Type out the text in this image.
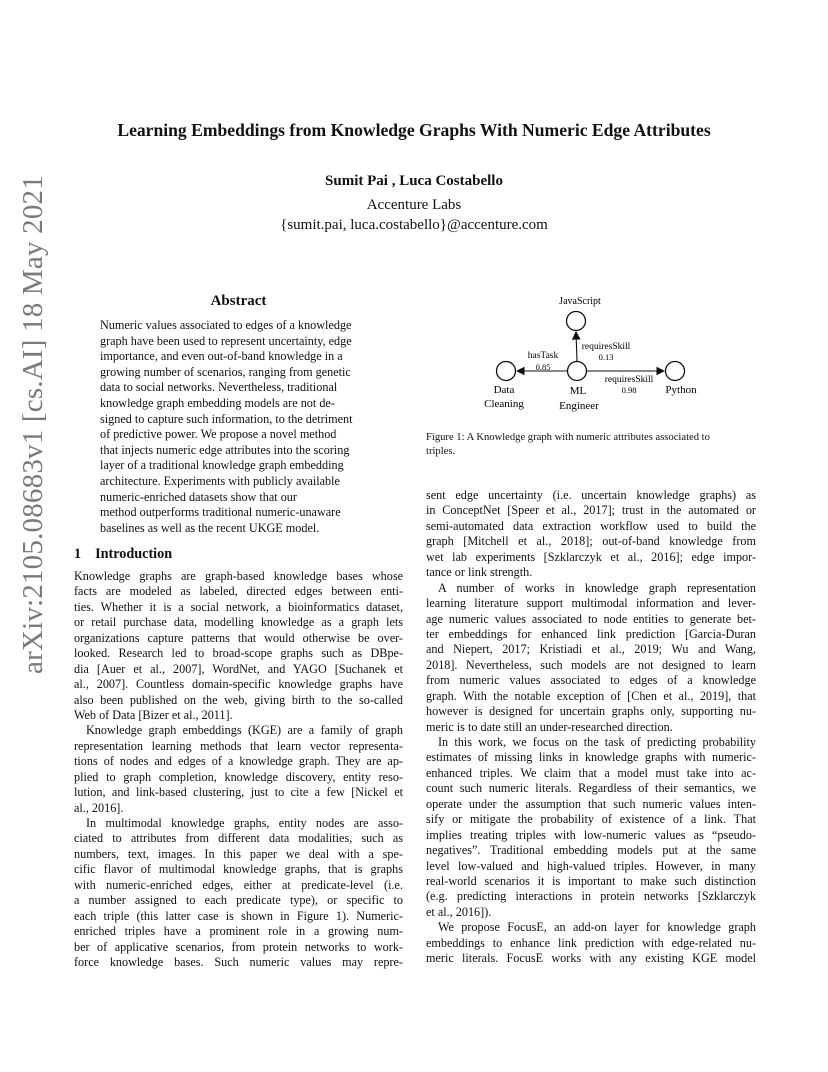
arXiv:2105.08683v1 [cs.AI] 18 May 2021
Learning Embeddings from Knowledge Graphs With Numeric Edge Attributes
Sumit Pai , Luca Costabello
Accenture Labs
{sumit.pai, luca.costabello}@accenture.com
Abstract
Numeric values associated to edges of a knowledge
graph have been used to represent uncertainty, edge
importance, and even out-of-band knowledge in a
growing number of scenarios, ranging from genetic
data to social networks. Nevertheless, traditional
knowledge graph embedding models are not de-
signed to capture such information, to the detriment
of predictive power. We propose a novel method
that injects numeric edge attributes into the scoring
layer of a traditional knowledge graph embedding
architecture. Experiments with publicly available
numeric-enriched datasets show that our
method outperforms traditional numeric-unaware
baselines as well as the recent UKGE model.
1 Introduction
Knowledge graphs are graph-based knowledge bases whose
facts are modeled as labeled, directed edges between enti-
ties. Whether it is a social network, a bioinformatics dataset,
or retail purchase data, modelling knowledge as a graph lets
organizations capture patterns that would otherwise be over-
looked. Research led to broad-scope graphs such as DBpe-
dia [Auer et al., 2007], WordNet, and YAGO [Suchanek et
al., 2007]. Countless domain-specific knowledge graphs have
also been published on the web, giving birth to the so-called
Web of Data [Bizer et al., 2011].
Knowledge graph embeddings (KGE) are a family of graph
representation learning methods that learn vector representa-
tions of nodes and edges of a knowledge graph. They are ap-
plied to graph completion, knowledge discovery, entity reso-
lution, and link-based clustering, just to cite a few [Nickel et
al., 2016].
In multimodal knowledge graphs, entity nodes are asso-
ciated to attributes from different data modalities, such as
numbers, text, images. In this paper we deal with a spe-
cific flavor of multimodal knowledge graphs, that is graphs
with numeric-enriched edges, either at predicate-level (i.e.
a number assigned to each predicate type), or specific to
each triple (this latter case is shown in Figure 1). Numeric-
enriched triples have a prominent role in a growing num-
ber of applicative scenarios, from protein networks to work-
force knowledge bases. Such numeric values may repre-
JavaScript
Data
Cleaning
ML
Engineer
Python
hasTask
0.85
requiresSkill
0.13
requiresSkill
0.98
Figure 1: A Knowledge graph with numeric attributes associated to
triples.
sent edge uncertainty (i.e. uncertain knowledge graphs) as
in ConceptNet [Speer et al., 2017]; trust in the automated or
semi-automated data extraction workflow used to build the
graph [Mitchell et al., 2018]; out-of-band knowledge from
wet lab experiments [Szklarczyk et al., 2016]; edge impor-
tance or link strength.
A number of works in knowledge graph representation
learning literature support multimodal information and lever-
age numeric values associated to node entities to generate bet-
ter embeddings for enhanced link prediction [Garcia-Duran
and Niepert, 2017; Kristiadi et al., 2019; Wu and Wang,
2018]. Nevertheless, such models are not designed to learn
from numeric values associated to edges of a knowledge
graph. With the notable exception of [Chen et al., 2019], that
however is designed for uncertain graphs only, supporting nu-
meric is to date still an under-researched direction.
In this work, we focus on the task of predicting probability
estimates of missing links in knowledge graphs with numeric-
enhanced triples. We claim that a model must take into ac-
count such numeric literals. Regardless of their semantics, we
operate under the assumption that such numeric values inten-
sify or mitigate the probability of existence of a link. That
implies treating triples with low-numeric values as “pseudo-
negatives”. Traditional embedding models put at the same
level low-valued and high-valued triples. However, in many
real-world scenarios it is important to make such distinction
(e.g. predicting interactions in protein networks [Szklarczyk
et al., 2016]).
We propose FocusE, an add-on layer for knowledge graph
embeddings to enhance link prediction with edge-related nu-
meric literals. FocusE works with any existing KGE model
